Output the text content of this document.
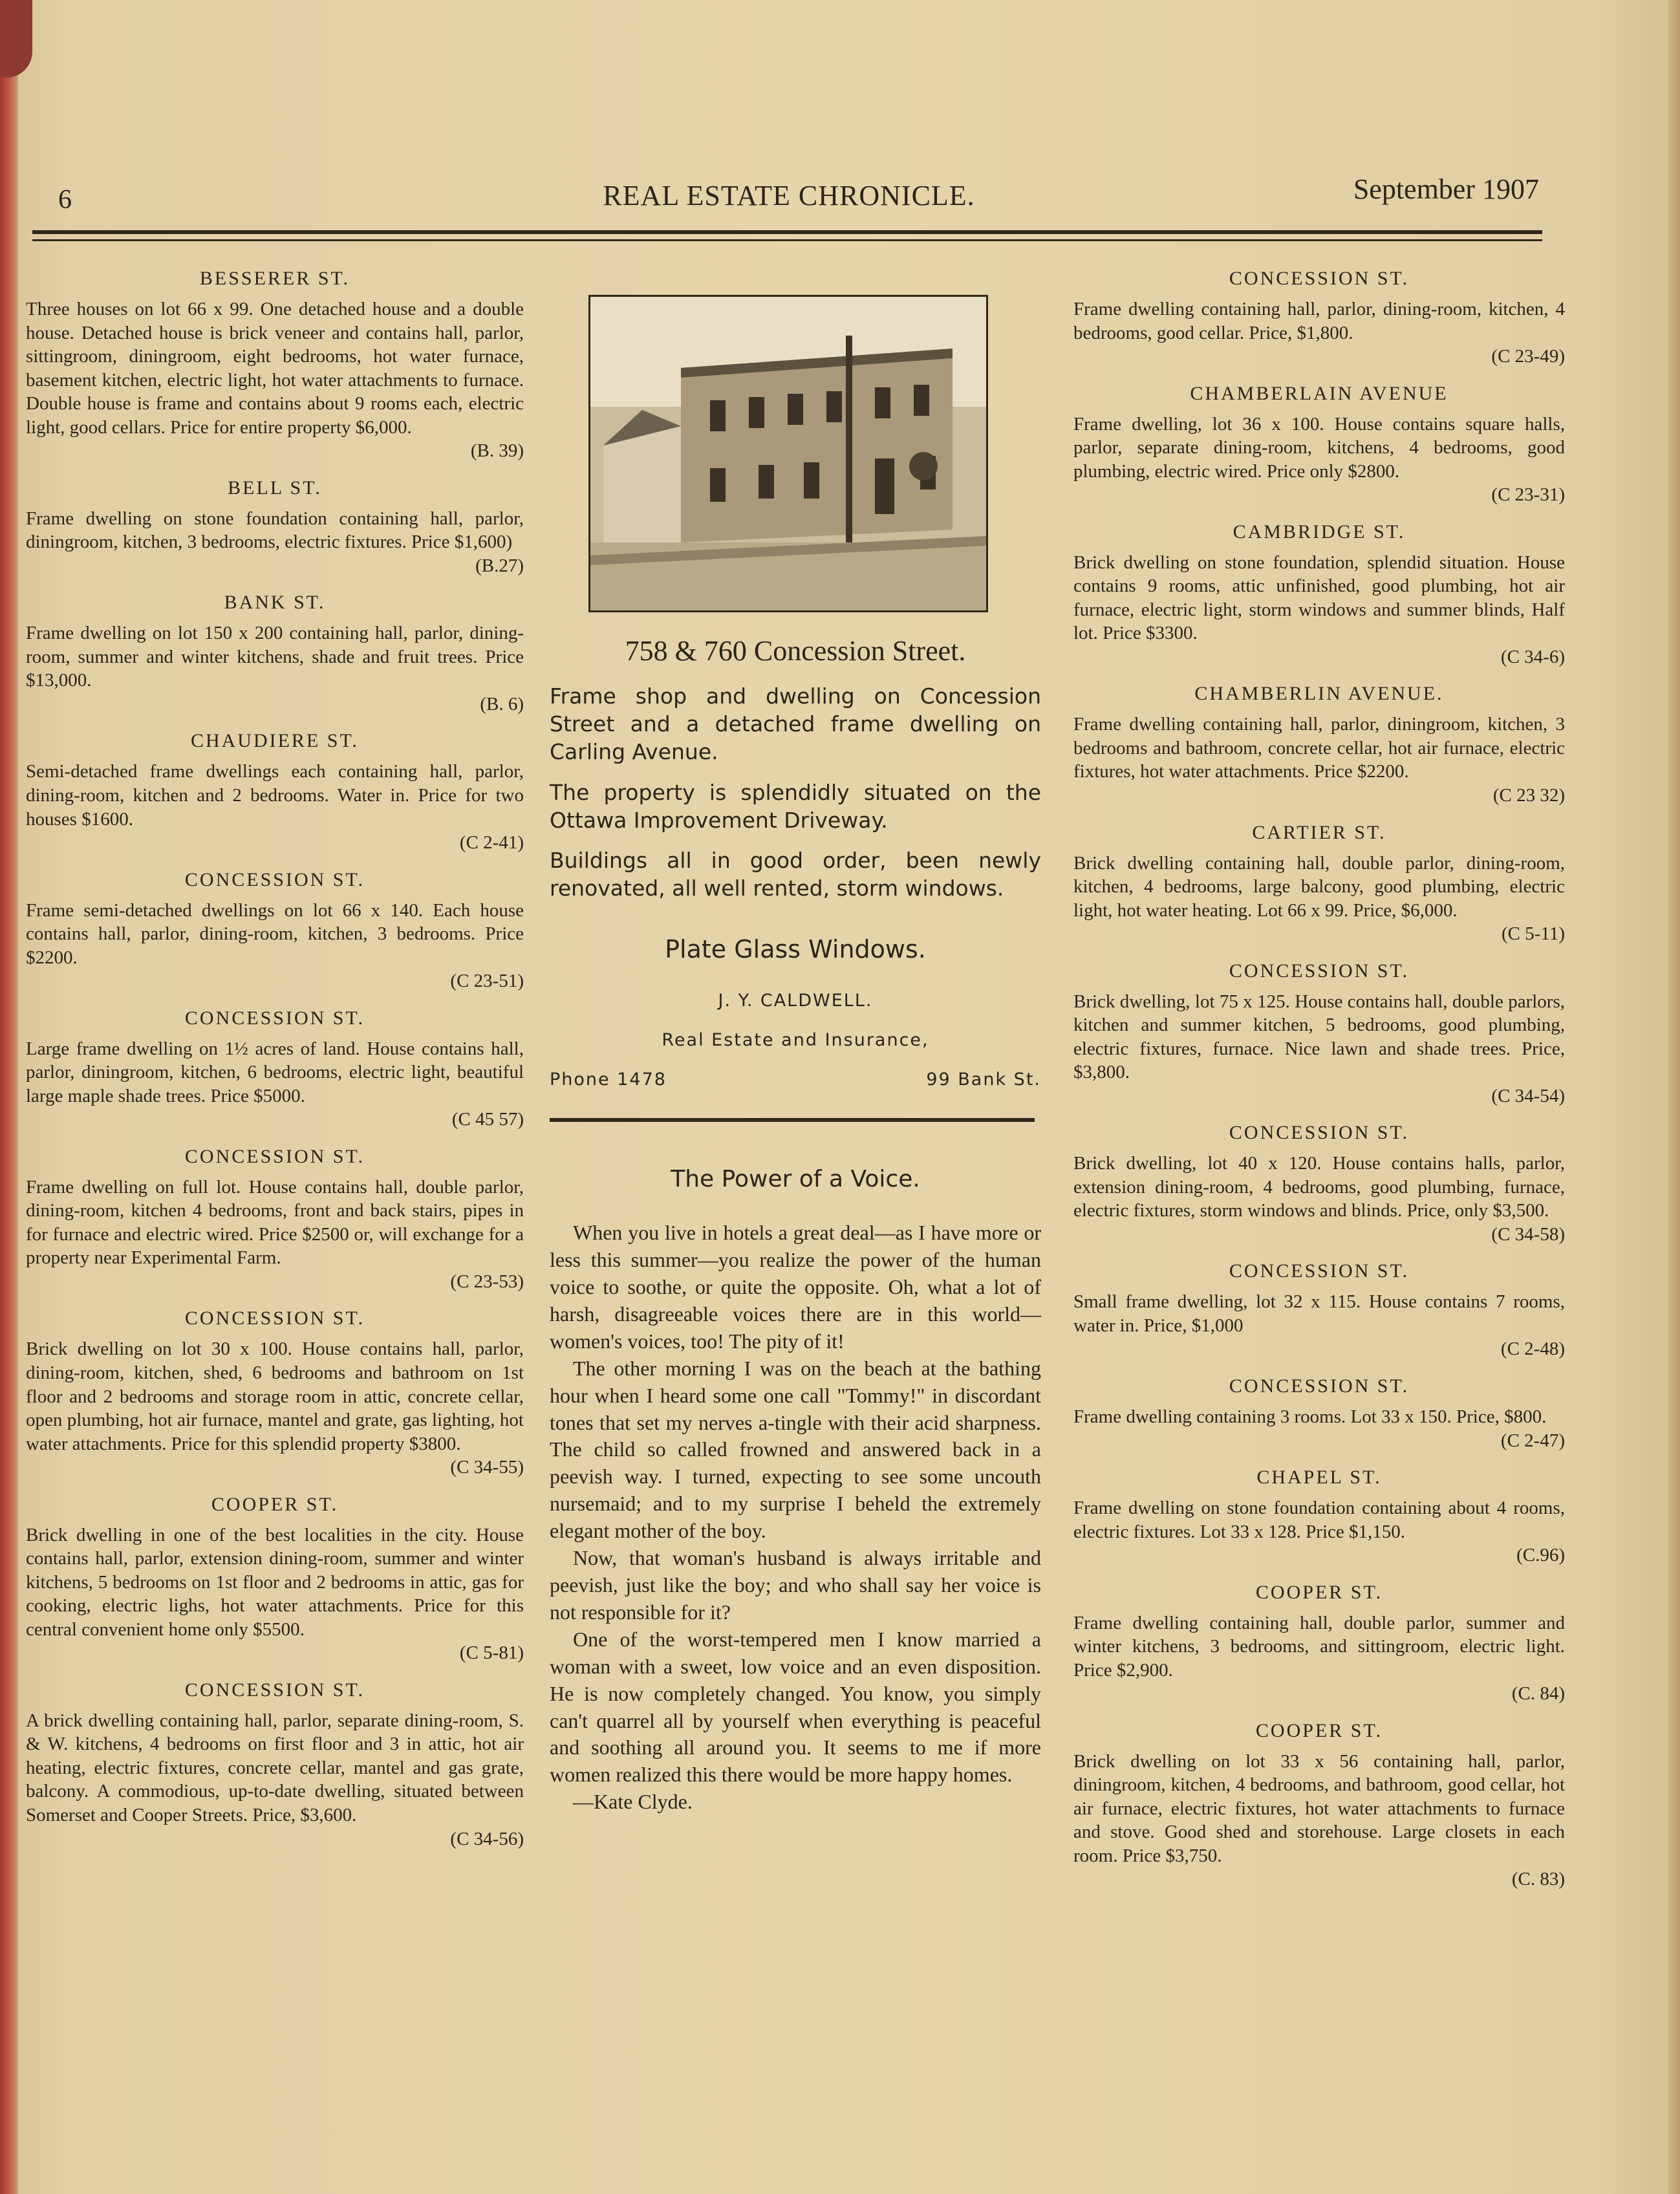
6	REAL ESTATE CHRONICLE.	September 1907
BESSERER ST.

Three houses on lot 66 x 99. One detached house and a double house. Detached house is brick veneer and contains hall, parlor, sittingroom, diningroom, eight bedrooms, hot water furnace, basement kitchen, electric light, hot water attachments to furnace. Double house is frame and contains about 9 rooms each, electric light, good cellars. Price for entire property $6,000.

(B. 39)

BELL ST.

Frame dwelling on stone foundation containing hall, parlor, diningroom, kitchen, 3 bedrooms, electric fixtures. Price $1,600)

(B.27)

BANK ST.

Frame dwelling on lot 150 x 200 containing hall, parlor, dining-room, summer and winter kitchens, shade and fruit trees. Price $13,000.

(B. 6)

CHAUDIERE ST.

Semi-detached frame dwellings each containing hall, parlor, dining-room, kitchen and 2 bedrooms. Water in. Price for two houses $1600.

(C 2-41)

CONCESSION ST.

Frame semi-detached dwellings on lot 66 x 140. Each house contains hall, parlor, dining-room, kitchen, 3 bedrooms. Price $2200.

(C 23-51)

CONCESSION ST.

Large frame dwelling on 1½ acres of land. House contains hall, parlor, diningroom, kitchen, 6 bedrooms, electric light, beautiful large maple shade trees. Price $5000.

(C 45 57)

CONCESSION ST.

Frame dwelling on full lot. House contains hall, double parlor, dining-room, kitchen 4 bedrooms, front and back stairs, pipes in for furnace and electric wired. Price $2500 or, will exchange for a property near Experimental Farm.

(C 23-53)

CONCESSION ST.

Brick dwelling on lot 30 x 100. House contains hall, parlor, dining-room, kitchen, shed, 6 bedrooms and bathroom on 1st floor and 2 bedrooms and storage room in attic, concrete cellar, open plumbing, hot air furnace, mantel and grate, gas lighting, hot water attachments. Price for this splendid property $3800.

(C 34-55)

COOPER ST.

Brick dwelling in one of the best localities in the city. House contains hall, parlor, extension dining-room, summer and winter kitchens, 5 bedrooms on 1st floor and 2 bedrooms in attic, gas for cooking, electric lighs, hot water attachments. Price for this central convenient home only $5500.

(C 5-81)

CONCESSION ST.

A brick dwelling containing hall, parlor, separate dining-room, S. & W. kitchens, 4 bedrooms on first floor and 3 in attic, hot air heating, electric fixtures, concrete cellar, mantel and gas grate, balcony. A commodious, up-to-date dwelling, situated between Somerset and Cooper Streets. Price, $3,600.

(C 34-56)

758 & 760 Concession Street.

Frame shop and dwelling on Concession Street and a detached frame dwelling on Carling Avenue.

The property is splendidly situated on the Ottawa Improvement Driveway.

Buildings all in good order, been newly renovated, all well rented, storm windows.

Plate Glass Windows.
J. Y. CALDWELL.
Real Estate and Insurance,
Phone 1478	99 Bank St.
The Power of a Voice.

When you live in hotels a great deal—as I have more or less this summer—you realize the power of the human voice to soothe, or quite the opposite. Oh, what a lot of harsh, disagreeable voices there are in this world—women's voices, too! The pity of it!

The other morning I was on the beach at the bathing hour when I heard some one call "Tommy!" in discordant tones that set my nerves a-tingle with their acid sharpness. The child so called frowned and answered back in a peevish way. I turned, expecting to see some uncouth nursemaid; and to my surprise I beheld the extremely elegant mother of the boy.

Now, that woman's husband is always irritable and peevish, just like the boy; and who shall say her voice is not responsible for it?

One of the worst-tempered men I know married a woman with a sweet, low voice and an even disposition. He is now completely changed. You know, you simply can't quarrel all by yourself when everything is peaceful and soothing all around you. It seems to me if more women realized this there would be more happy homes.

—Kate Clyde.

CONCESSION ST.

Frame dwelling containing hall, parlor, dining-room, kitchen, 4 bedrooms, good cellar. Price, $1,800.

(C 23-49)

CHAMBERLAIN AVENUE

Frame dwelling, lot 36 x 100. House contains square halls, parlor, separate dining-room, kitchens, 4 bedrooms, good plumbing, electric wired. Price only $2800.

(C 23-31)

CAMBRIDGE ST.

Brick dwelling on stone foundation, splendid situation. House contains 9 rooms, attic unfinished, good plumbing, hot air furnace, electric light, storm windows and summer blinds, Half lot. Price $3300.

(C 34-6)

CHAMBERLIN AVENUE.

Frame dwelling containing hall, parlor, diningroom, kitchen, 3 bedrooms and bathroom, concrete cellar, hot air furnace, electric fixtures, hot water attachments. Price $2200.

(C 23 32)

CARTIER ST.

Brick dwelling containing hall, double parlor, dining-room, kitchen, 4 bedrooms, large balcony, good plumbing, electric light, hot water heating. Lot 66 x 99. Price, $6,000.

(C 5-11)

CONCESSION ST.

Brick dwelling, lot 75 x 125. House contains hall, double parlors, kitchen and summer kitchen, 5 bedrooms, good plumbing, electric fixtures, furnace. Nice lawn and shade trees. Price, $3,800.

(C 34-54)

CONCESSION ST.

Brick dwelling, lot 40 x 120. House contains halls, parlor, extension dining-room, 4 bedrooms, good plumbing, furnace, electric fixtures, storm windows and blinds. Price, only $3,500.

(C 34-58)

CONCESSION ST.

Small frame dwelling, lot 32 x 115. House contains 7 rooms, water in. Price, $1,000

(C 2-48)

CONCESSION ST.

Frame dwelling containing 3 rooms. Lot 33 x 150. Price, $800.

(C 2-47)

CHAPEL ST.

Frame dwelling on stone foundation containing about 4 rooms, electric fixtures. Lot 33 x 128. Price $1,150.

(C.96)

COOPER ST.

Frame dwelling containing hall, double parlor, summer and winter kitchens, 3 bedrooms, and sittingroom, electric light. Price $2,900.

(C. 84)

COOPER ST.

Brick dwelling on lot 33 x 56 containing hall, parlor, diningroom, kitchen, 4 bedrooms, and bathroom, good cellar, hot air furnace, electric fixtures, hot water attachments to furnace and stove. Good shed and storehouse. Large closets in each room. Price $3,750.

(C. 83)
